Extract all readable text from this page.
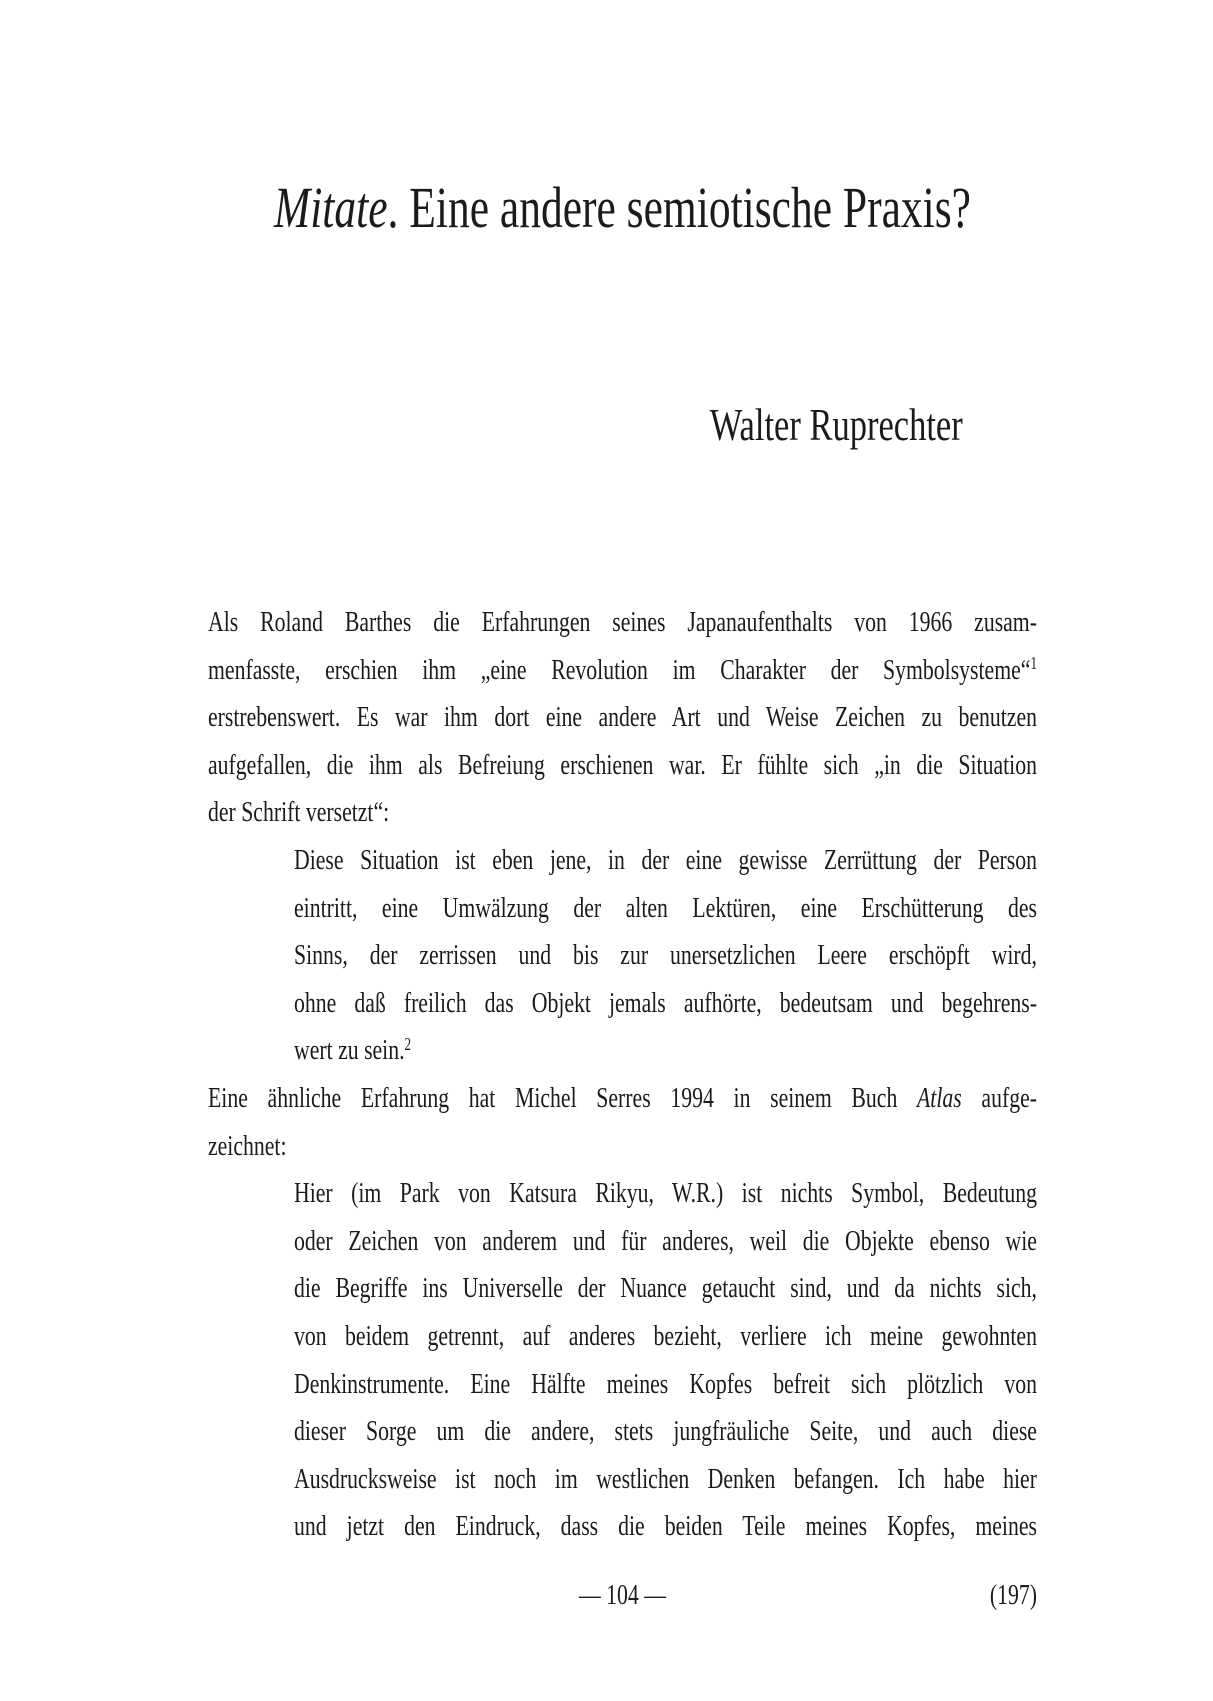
Mitate. Eine andere semiotische Praxis?
Walter Ruprechter
Als Roland Barthes die Erfahrungen seines Japanaufenthalts von 1966 zusam-
menfasste, erschien ihm „eine Revolution im Charakter der Symbolsysteme“$^1$
erstrebenswert. Es war ihm dort eine andere Art und Weise Zeichen zu benutzen
aufgefallen, die ihm als Befreiung erschienen war. Er fühlte sich „in die Situation
der Schrift versetzt“:
Diese Situation ist eben jene, in der eine gewisse Zerrüttung der Person
eintritt, eine Umwälzung der alten Lektüren, eine Erschütterung des
Sinns, der zerrissen und bis zur unersetzlichen Leere erschöpft wird,
ohne daß freilich das Objekt jemals aufhörte, bedeutsam und begehrens-
wert zu sein.$^2$
Eine ähnliche Erfahrung hat Michel Serres 1994 in seinem Buch Atlas aufge-
zeichnet:
Hier (im Park von Katsura Rikyu, W.R.) ist nichts Symbol, Bedeutung
oder Zeichen von anderem und für anderes, weil die Objekte ebenso wie
die Begriffe ins Universelle der Nuance getaucht sind, und da nichts sich,
von beidem getrennt, auf anderes bezieht, verliere ich meine gewohnten
Denkinstrumente. Eine Hälfte meines Kopfes befreit sich plötzlich von
dieser Sorge um die andere, stets jungfräuliche Seite, und auch diese
Ausdrucksweise ist noch im westlichen Denken befangen. Ich habe hier
und jetzt den Eindruck, dass die beiden Teile meines Kopfes, meines
— 104 —	(197)
